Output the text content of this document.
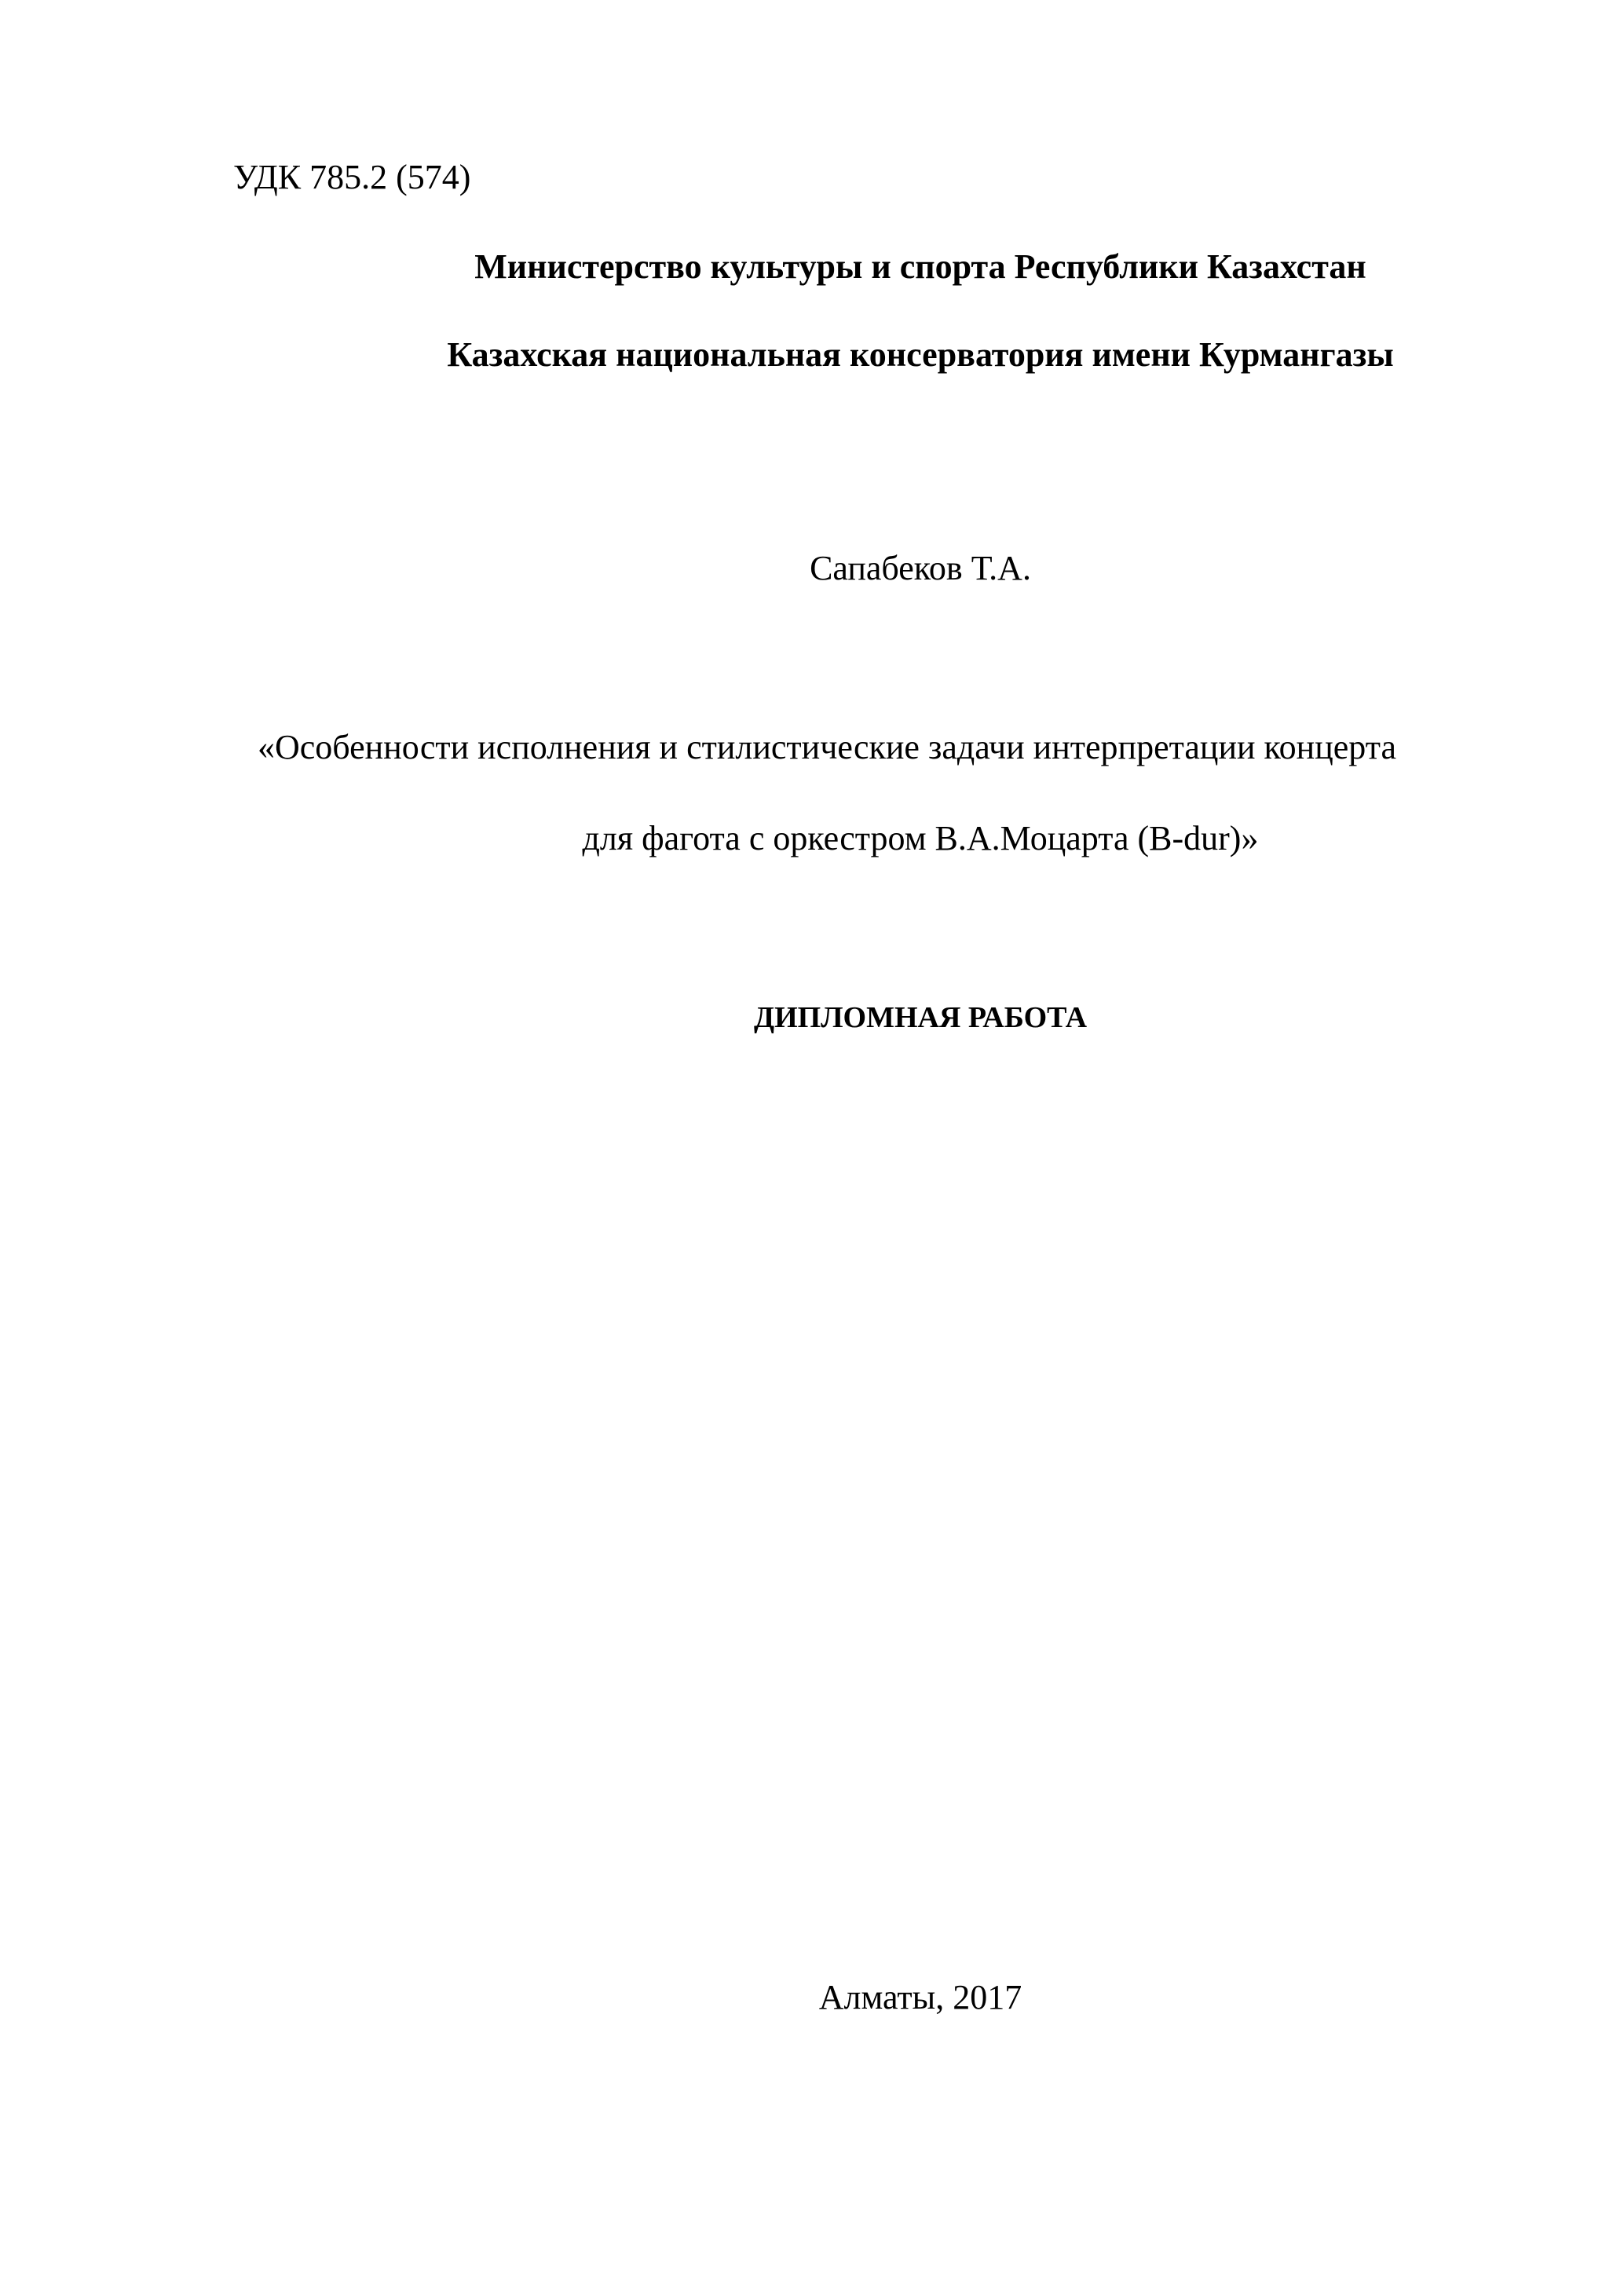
УДК 785.2 (574)
Министерство культуры и спорта Республики Казахстан
Казахская национальная консерватория имени Курмангазы
Сапабеков Т.А.
«Особенности исполнения и стилистические задачи интерпретации концерта
для фагота с оркестром В.А.Моцарта (B-dur)»
ДИПЛОМНАЯ РАБОТА
Алматы, 2017
